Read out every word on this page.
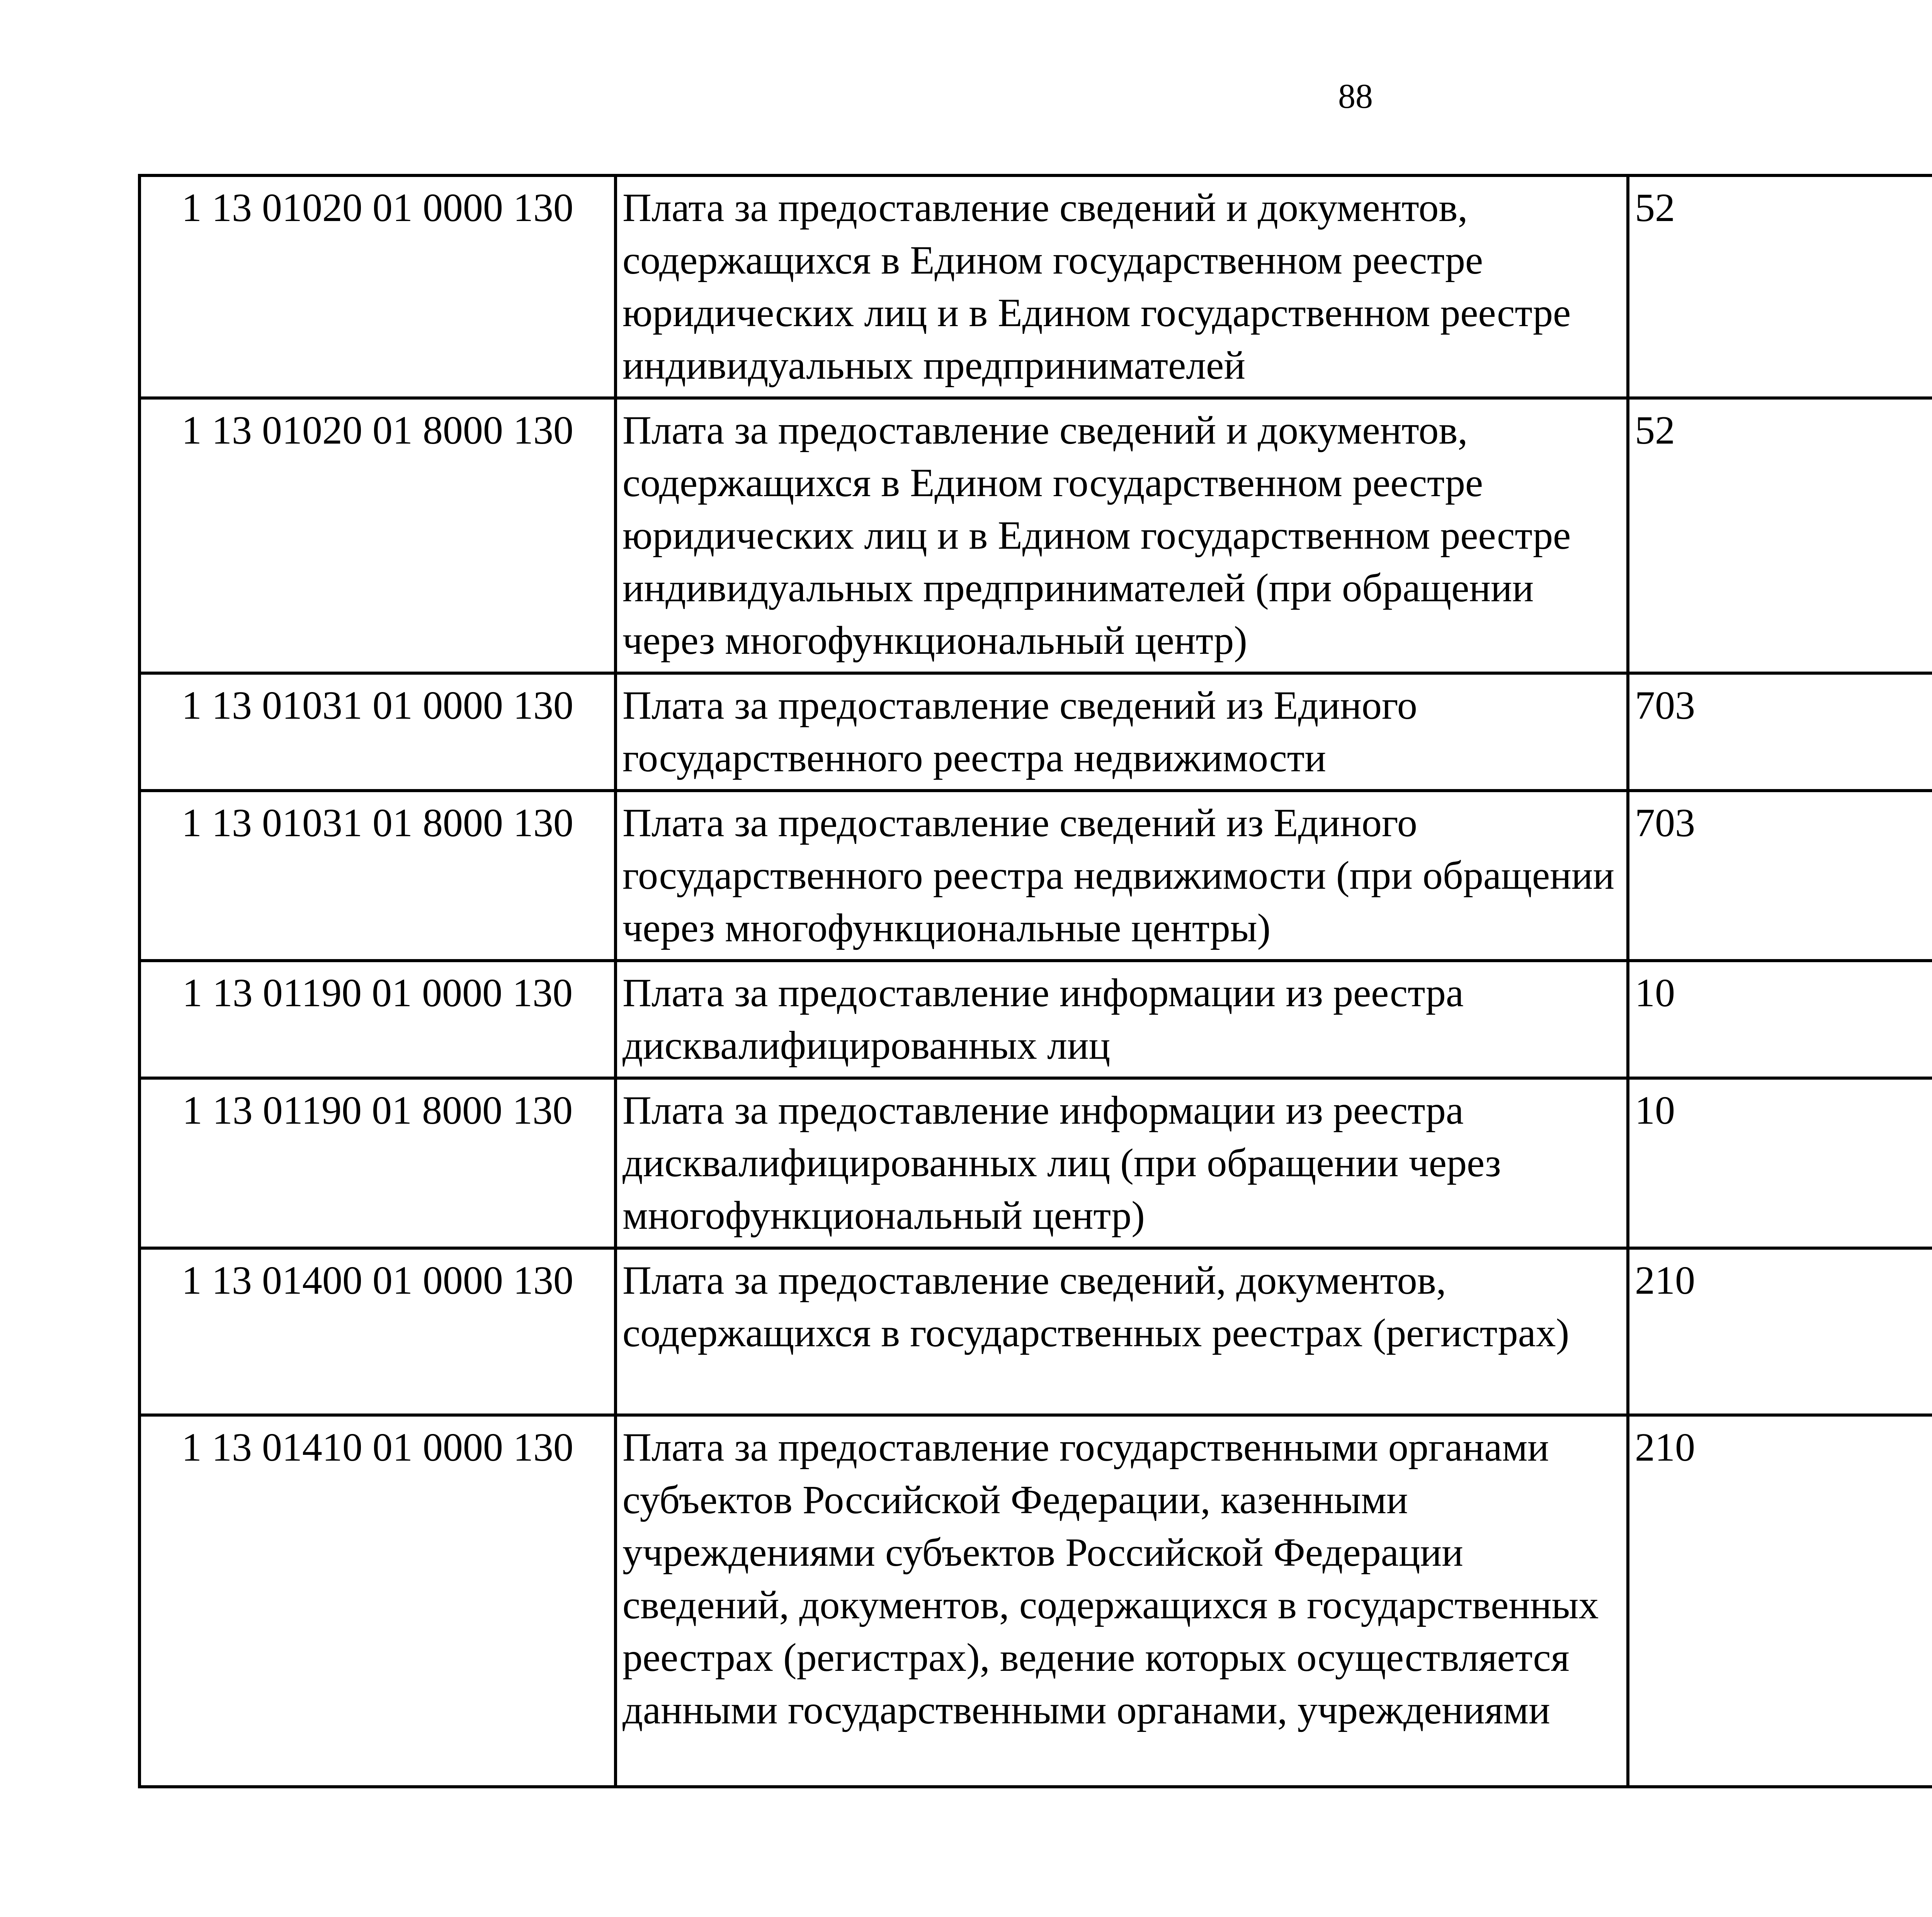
88
1 13 01020 01 0000 130	Плата за предоставление сведений и документов, содержащихся в Едином государственном реестре юридических лиц и в Едином государственном реестре индивидуальных предпринимателей	52		
1 13 01020 01 8000 130	Плата за предоставление сведений и документов, содержащихся в Едином государственном реестре юридических лиц и в Едином государственном реестре индивидуальных предпринимателей (при обращении через многофункциональный центр)	52		
1 13 01031 01 0000 130	Плата за предоставление сведений из Единого государственного реестра недвижимости	703		
1 13 01031 01 8000 130	Плата за предоставление сведений из Единого государственного реестра недвижимости (при обращении через многофункциональные центры)	703		
1 13 01190 01 0000 130	Плата за предоставление информации из реестра дисквалифицированных лиц	10		
1 13 01190 01 8000 130	Плата за предоставление информации из реестра дисквалифицированных лиц (при обращении через многофункциональный центр)	10		
1 13 01400 01 0000 130	Плата за предоставление сведений, документов, содержащихся в государственных реестрах (регистрах)	210		
1 13 01410 01 0000 130	Плата за предоставление государственными органами субъектов Российской Федерации, казенными учреждениями субъектов Российской Федерации сведений, документов, содержащихся в государственных реестрах (регистрах), ведение которых осуществляется данными государственными органами, учреждениями	210		
